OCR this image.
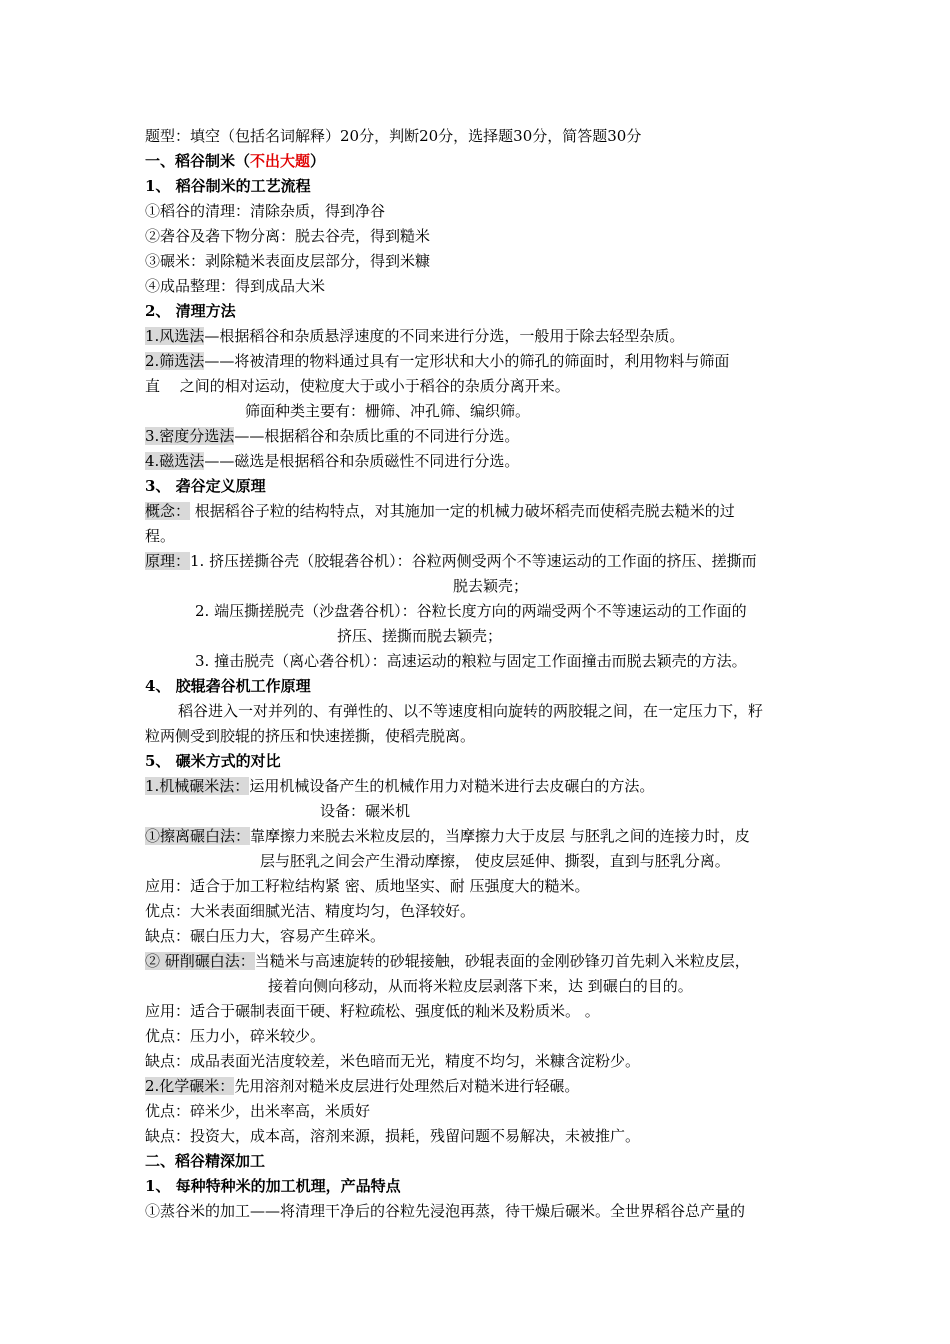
题型：填空（包括名词解释）20分，判断20分，选择题30分，简答题30分
一、稻谷制米（不出大题）
1、 稻谷制米的工艺流程
①稻谷的清理：清除杂质，得到净谷
②砻谷及砻下物分离：脱去谷壳，得到糙米
③碾米：剥除糙米表面皮层部分，得到米糠
④成品整理：得到成品大米
2、 清理方法
1.风选法—根据稻谷和杂质悬浮速度的不同来进行分选，一般用于除去轻型杂质。
2.筛选法——将被清理的物料通过具有一定形状和大小的筛孔的筛面时，利用物料与筛面
直　 之间的相对运动，使粒度大于或小于稻谷的杂质分离开来。
筛面种类主要有：栅筛、冲孔筛、编织筛。
3.密度分选法——根据稻谷和杂质比重的不同进行分选。
4.磁选法——磁选是根据稻谷和杂质磁性不同进行分选。
3、 砻谷定义原理
概念： 根据稻谷子粒的结构特点，对其施加一定的机械力破坏稻壳而使稻壳脱去糙米的过
程。
原理：1. 挤压搓撕谷壳（胶辊砻谷机）：谷粒两侧受两个不等速运动的工作面的挤压、搓撕而
脱去颖壳；
2. 端压撕搓脱壳（沙盘砻谷机）：谷粒长度方向的两端受两个不等速运动的工作面的
挤压、搓撕而脱去颖壳；
3. 撞击脱壳（离心砻谷机）：高速运动的粮粒与固定工作面撞击而脱去颖壳的方法。
4、 胶辊砻谷机工作原理
稻谷进入一对并列的、有弹性的、以不等速度相向旋转的两胶辊之间，在一定压力下，籽
粒两侧受到胶辊的挤压和快速搓撕，使稻壳脱离。
5、 碾米方式的对比
1.机械碾米法：运用机械设备产生的机械作用力对糙米进行去皮碾白的方法。
设备：碾米机
①擦离碾白法：靠摩擦力来脱去米粒皮层的，当摩擦力大于皮层 与胚乳之间的连接力时，皮
层与胚乳之间会产生滑动摩擦， 使皮层延伸、撕裂，直到与胚乳分离。
应用：适合于加工籽粒结构紧 密、质地坚实、耐 压强度大的糙米。
优点：大米表面细腻光洁、精度均匀，色泽较好。
缺点：碾白压力大，容易产生碎米。
② 研削碾白法：当糙米与高速旋转的砂辊接触，砂辊表面的金刚砂锋刃首先刺入米粒皮层，
接着向侧向移动，从而将米粒皮层剥落下来，达 到碾白的目的。
应用：适合于碾制表面干硬、籽粒疏松、强度低的籼米及粉质米。 。
优点：压力小，碎米较少。
缺点：成品表面光洁度较差，米色暗而无光，精度不均匀，米糠含淀粉少。
2.化学碾米：先用溶剂对糙米皮层进行处理然后对糙米进行轻碾。
优点：碎米少，出米率高，米质好
缺点：投资大，成本高，溶剂来源，损耗，残留问题不易解决，未被推广。
二、稻谷精深加工
1、 每种特种米的加工机理，产品特点
①蒸谷米的加工——将清理干净后的谷粒先浸泡再蒸，待干燥后碾米。全世界稻谷总产量的
